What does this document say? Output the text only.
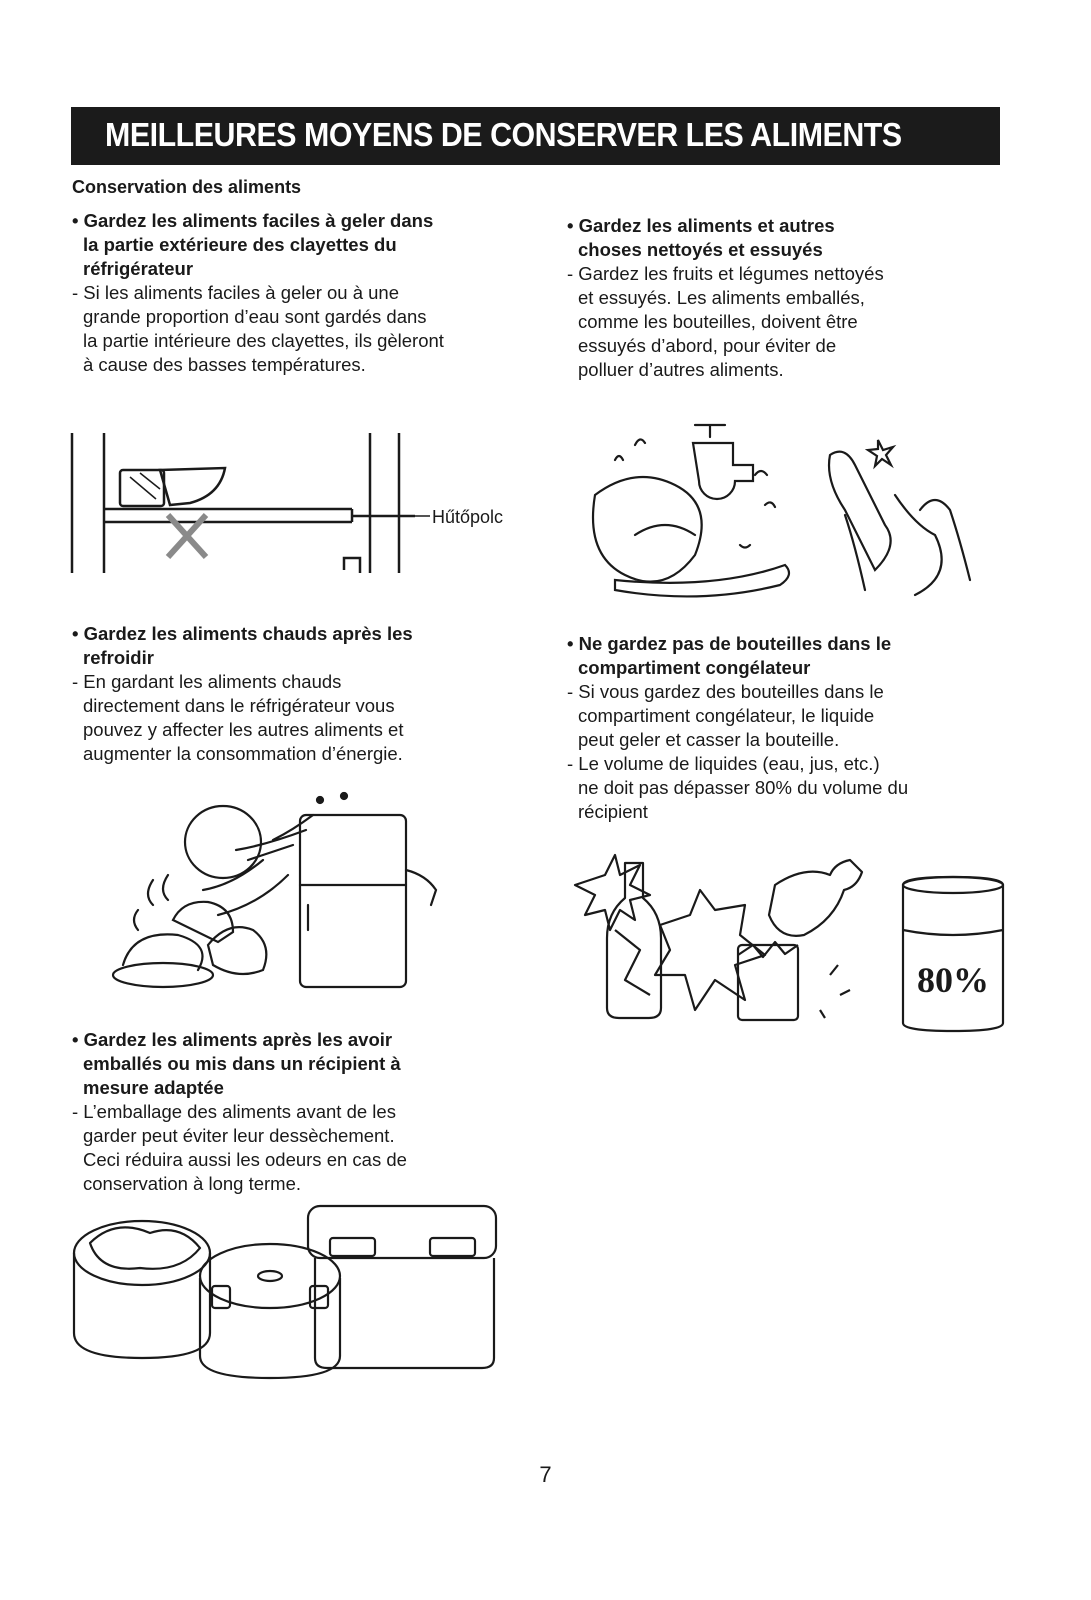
MEILLEURES MOYENS DE CONSERVER LES ALIMENTS
Conservation des aliments
• Gardez les aliments faciles à geler dans
la partie extérieure des clayettes du
réfrigérateur
- Si les aliments faciles à geler ou à une
grande proportion d’eau sont gardés dans
la partie intérieure des clayettes, ils gèleront
à cause des basses températures.
• Gardez les aliments et autres
choses nettoyés et essuyés
- Gardez les fruits et légumes nettoyés
et essuyés. Les aliments emballés,
comme les bouteilles, doivent être
essuyés d’abord, pour éviter de
polluer d’autres aliments.
• Gardez les aliments chauds après les
refroidir
- En gardant les aliments chauds
directement dans le réfrigérateur vous
pouvez y affecter les autres aliments et
augmenter la consommation d’énergie.
• Ne gardez pas de bouteilles dans le
compartiment congélateur
- Si vous gardez des bouteilles dans le
compartiment congélateur, le liquide
peut geler et casser la bouteille.
- Le volume de liquides (eau, jus, etc.)
ne doit pas dépasser 80% du volume du
récipient
• Gardez les aliments après les avoir
emballés ou mis dans un récipient à
mesure adaptée
- L’emballage des aliments avant de les
garder peut éviter leur dessèchement.
Ceci réduira aussi les odeurs en cas de
conservation à long terme.
Hűtőpolc
80%
7
